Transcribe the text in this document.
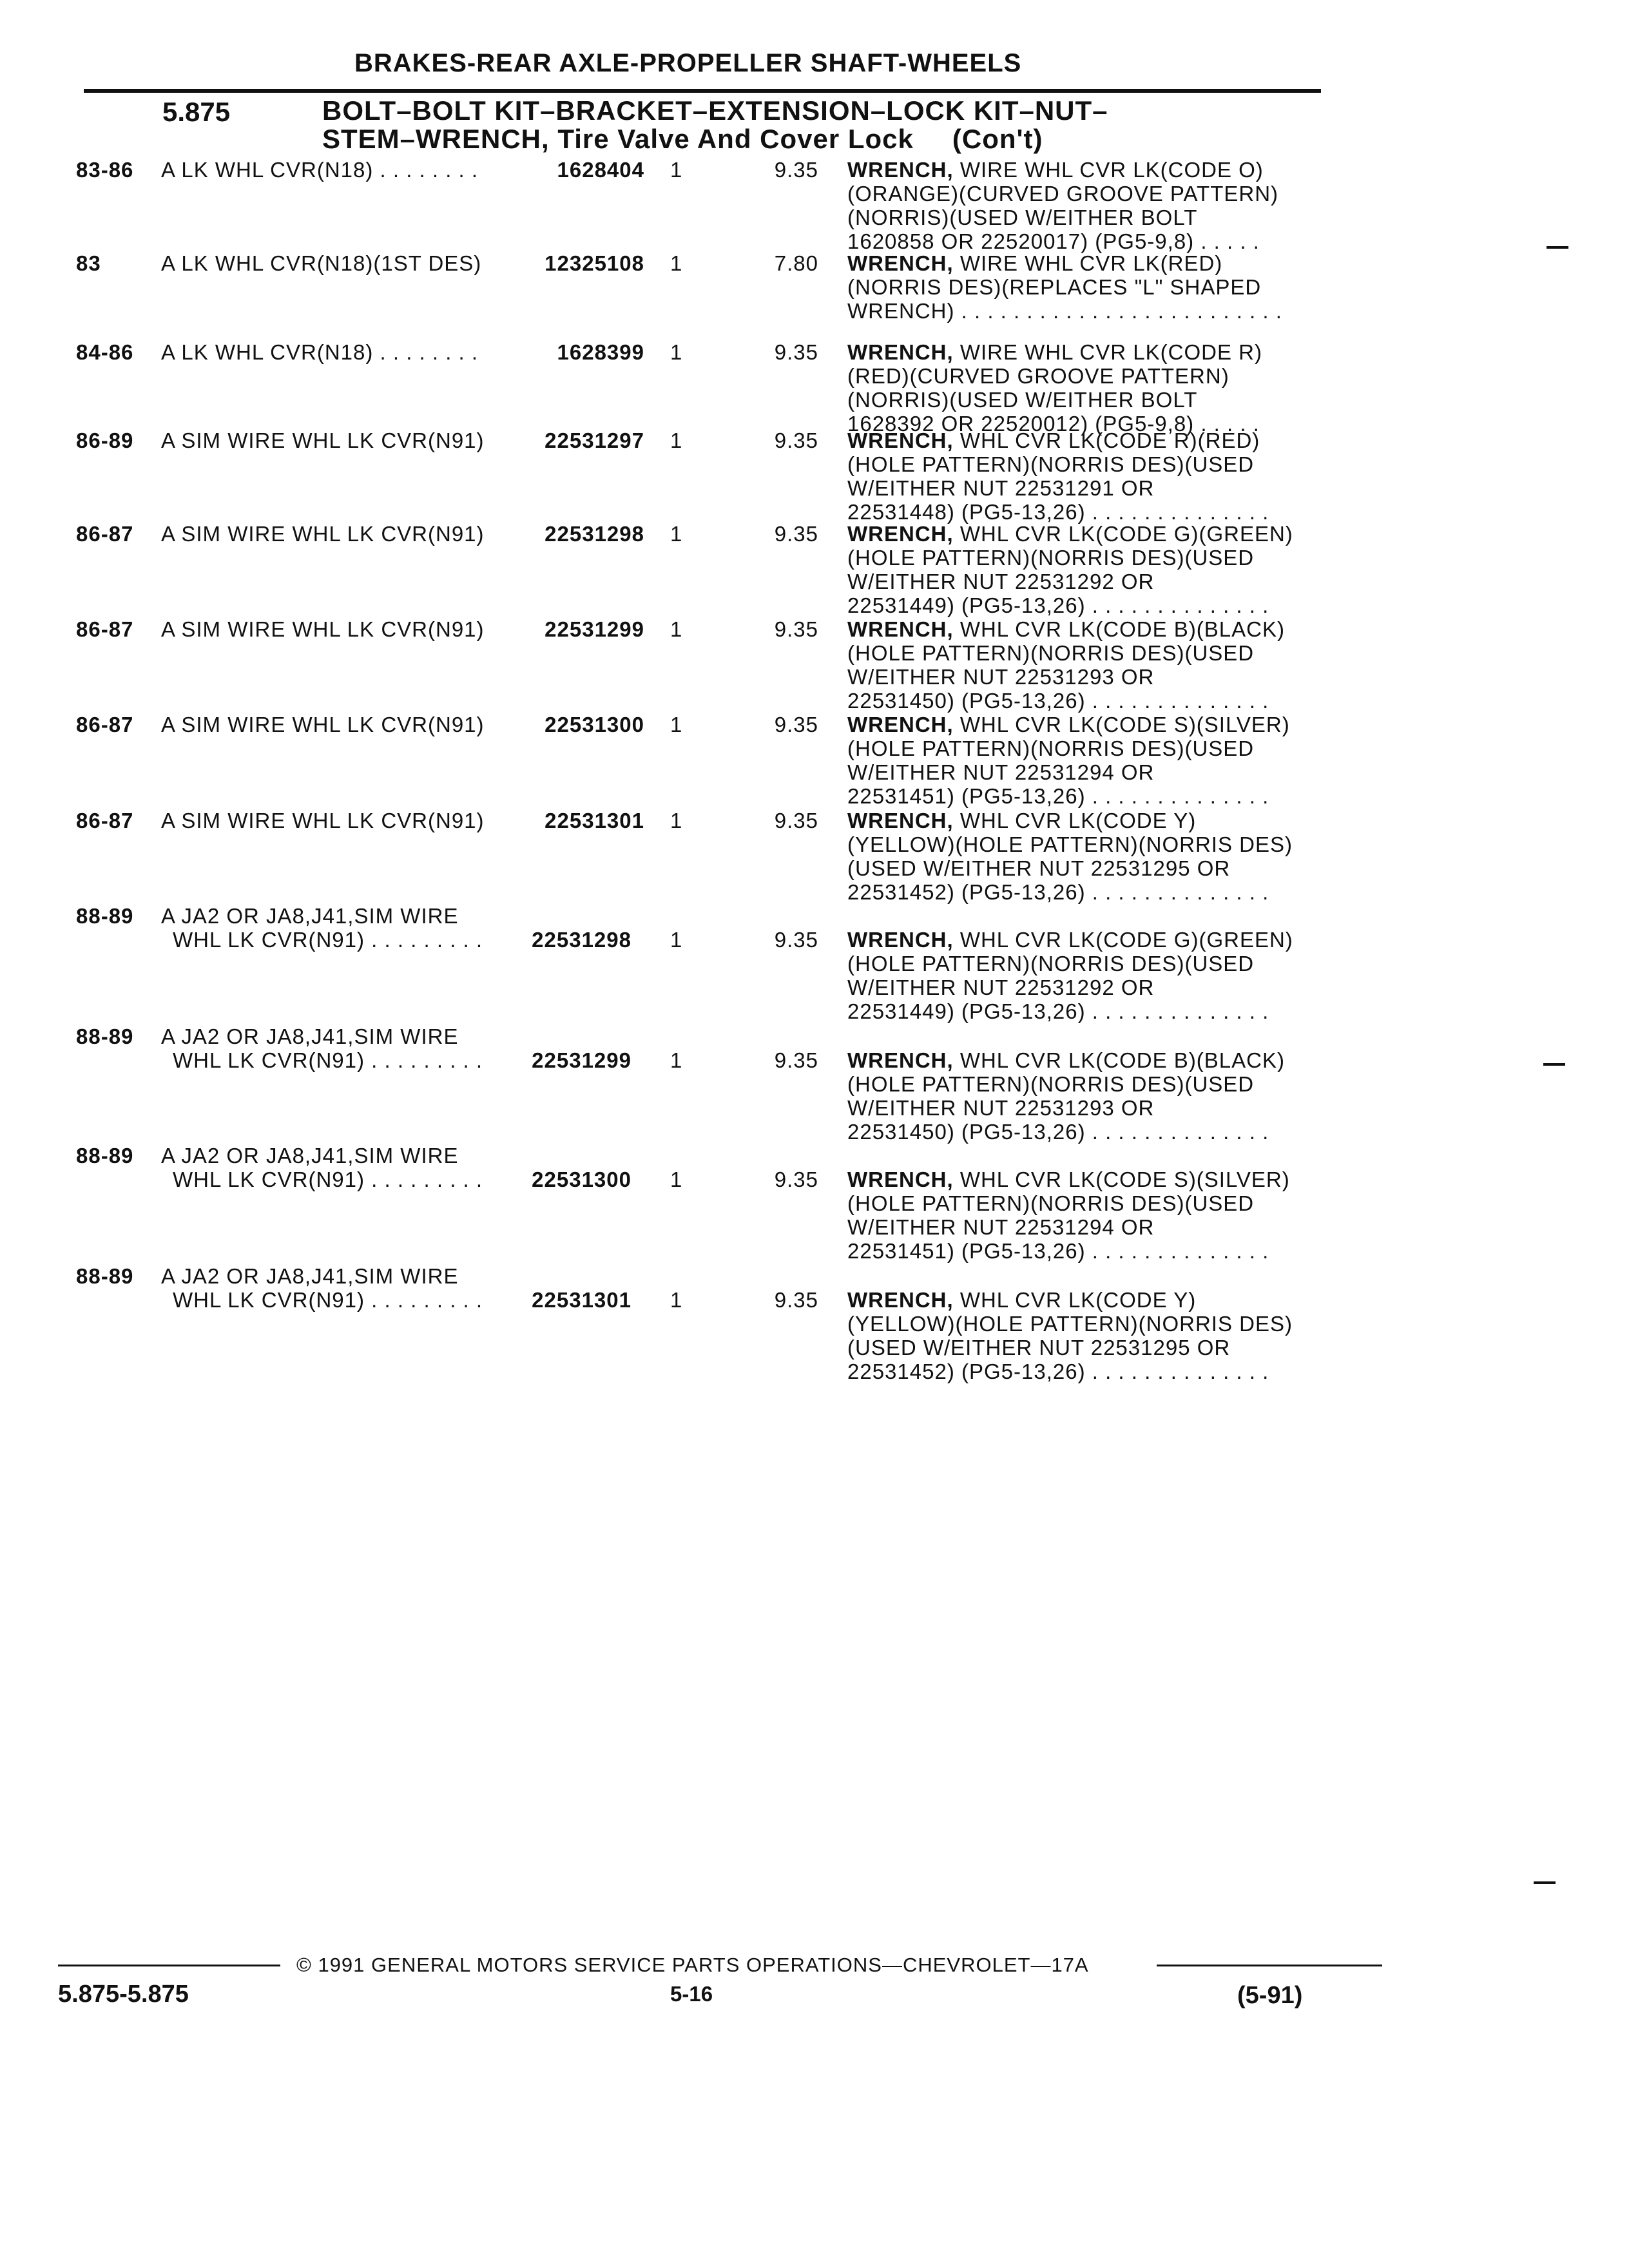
BRAKES-REAR AXLE-PROPELLER SHAFT-WHEELS
5.875	BOLT–BOLT KIT–BRACKET–EXTENSION–LOCK KIT–NUT–
STEM–WRENCH, Tire Valve And Cover Lock (Con't)
83-86 A LK WHL CVR(N18) . . . . . . . .	1628404 1	9.35 WRENCH, WIRE WHL CVR LK(CODE O)
(ORANGE)(CURVED GROOVE PATTERN)
(NORRIS)(USED W/EITHER BOLT
1620858 OR 22520017) (PG5-9,8) . . . . .
83	A LK WHL CVR(N18)(1ST DES)	12325108 1	7.80 WRENCH, WIRE WHL CVR LK(RED)
(NORRIS DES)(REPLACES "L" SHAPED
WRENCH) . . . . . . . . . . . . . . . . . . . . . . . . .
84-86 A LK WHL CVR(N18) . . . . . . . .	1628399 1	9.35 WRENCH, WIRE WHL CVR LK(CODE R)
(RED)(CURVED GROOVE PATTERN)
(NORRIS)(USED W/EITHER BOLT
1628392 OR 22520012) (PG5-9,8) . . . . .
86-89 A SIM WIRE WHL LK CVR(N91)	22531297 1	9.35 WRENCH, WHL CVR LK(CODE R)(RED)
(HOLE PATTERN)(NORRIS DES)(USED
W/EITHER NUT 22531291 OR
22531448) (PG5-13,26) . . . . . . . . . . . . . .
86-87 A SIM WIRE WHL LK CVR(N91)	22531298 1	9.35 WRENCH, WHL CVR LK(CODE G)(GREEN)
(HOLE PATTERN)(NORRIS DES)(USED
W/EITHER NUT 22531292 OR
22531449) (PG5-13,26) . . . . . . . . . . . . . .
86-87 A SIM WIRE WHL LK CVR(N91)	22531299 1	9.35 WRENCH, WHL CVR LK(CODE B)(BLACK)
(HOLE PATTERN)(NORRIS DES)(USED
W/EITHER NUT 22531293 OR
22531450) (PG5-13,26) . . . . . . . . . . . . . .
86-87 A SIM WIRE WHL LK CVR(N91)	22531300 1	9.35 WRENCH, WHL CVR LK(CODE S)(SILVER)
(HOLE PATTERN)(NORRIS DES)(USED
W/EITHER NUT 22531294 OR
22531451) (PG5-13,26) . . . . . . . . . . . . . .
86-87 A SIM WIRE WHL LK CVR(N91)	22531301 1	9.35 WRENCH, WHL CVR LK(CODE Y)
(YELLOW)(HOLE PATTERN)(NORRIS DES)
(USED W/EITHER NUT 22531295 OR
22531452) (PG5-13,26) . . . . . . . . . . . . . .
88-89 A JA2 OR JA8,J41,SIM WIRE
WHL LK CVR(N91) . . . . . . . . .	22531298 1	9.35 WRENCH, WHL CVR LK(CODE G)(GREEN)
(HOLE PATTERN)(NORRIS DES)(USED
W/EITHER NUT 22531292 OR
22531449) (PG5-13,26) . . . . . . . . . . . . . .
88-89 A JA2 OR JA8,J41,SIM WIRE
WHL LK CVR(N91) . . . . . . . . .	22531299 1	9.35 WRENCH, WHL CVR LK(CODE B)(BLACK)
(HOLE PATTERN)(NORRIS DES)(USED
W/EITHER NUT 22531293 OR
22531450) (PG5-13,26) . . . . . . . . . . . . . .
88-89 A JA2 OR JA8,J41,SIM WIRE
WHL LK CVR(N91) . . . . . . . . .	22531300 1	9.35 WRENCH, WHL CVR LK(CODE S)(SILVER)
(HOLE PATTERN)(NORRIS DES)(USED
W/EITHER NUT 22531294 OR
22531451) (PG5-13,26) . . . . . . . . . . . . . .
88-89 A JA2 OR JA8,J41,SIM WIRE
WHL LK CVR(N91) . . . . . . . . .	22531301 1	9.35 WRENCH, WHL CVR LK(CODE Y)
(YELLOW)(HOLE PATTERN)(NORRIS DES)
(USED W/EITHER NUT 22531295 OR
22531452) (PG5-13,26) . . . . . . . . . . . . . .
© 1991 GENERAL MOTORS SERVICE PARTS OPERATIONS—CHEVROLET—17A
5.875-5.875	5-16	(5-91)
